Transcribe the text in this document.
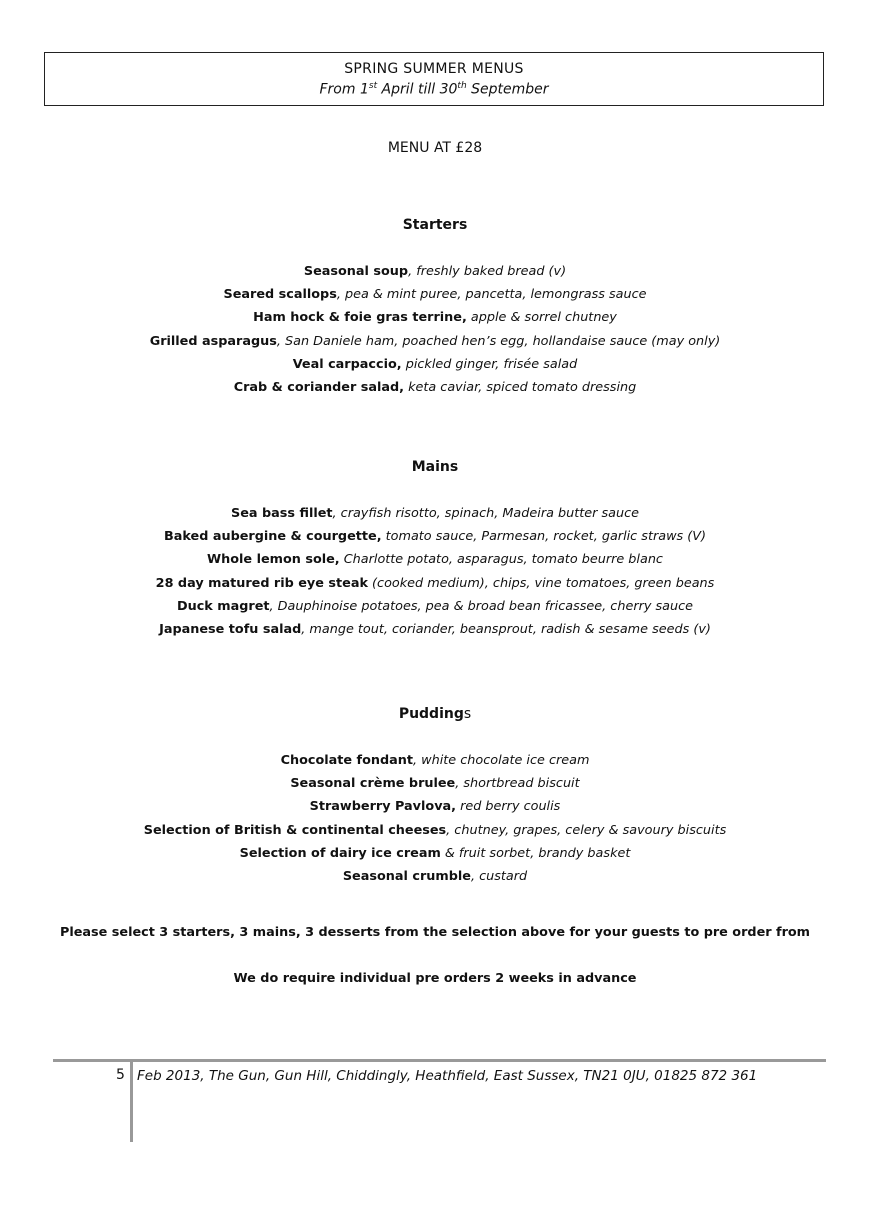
SPRING SUMMER MENUS
From 1st April till 30th September
MENU AT £28
Starters
Seasonal soup, freshly baked bread (v)
Seared scallops, pea & mint puree, pancetta, lemongrass sauce
Ham hock & foie gras terrine, apple & sorrel chutney
Grilled asparagus, San Daniele ham, poached hen’s egg, hollandaise sauce (may only)
Veal carpaccio, pickled ginger, frisée salad
Crab & coriander salad, keta caviar, spiced tomato dressing
Mains
Sea bass fillet, crayfish risotto, spinach, Madeira butter sauce
Baked aubergine & courgette, tomato sauce, Parmesan, rocket, garlic straws (V)
Whole lemon sole, Charlotte potato, asparagus, tomato beurre blanc
28 day matured rib eye steak (cooked medium), chips, vine tomatoes, green beans
Duck magret, Dauphinoise potatoes, pea & broad bean fricassee, cherry sauce
Japanese tofu salad, mange tout, coriander, beansprout, radish & sesame seeds (v)
Puddings
Chocolate fondant, white chocolate ice cream
Seasonal crème brulee, shortbread biscuit
Strawberry Pavlova, red berry coulis
Selection of British & continental cheeses, chutney, grapes, celery & savoury biscuits
Selection of dairy ice cream & fruit sorbet, brandy basket
Seasonal crumble, custard
Please select 3 starters, 3 mains, 3 desserts from the selection above for your guests to pre order from
We do require individual pre orders 2 weeks in advance
5 Feb 2013, The Gun, Gun Hill, Chiddingly, Heathfield, East Sussex, TN21 0JU, 01825 872 361
